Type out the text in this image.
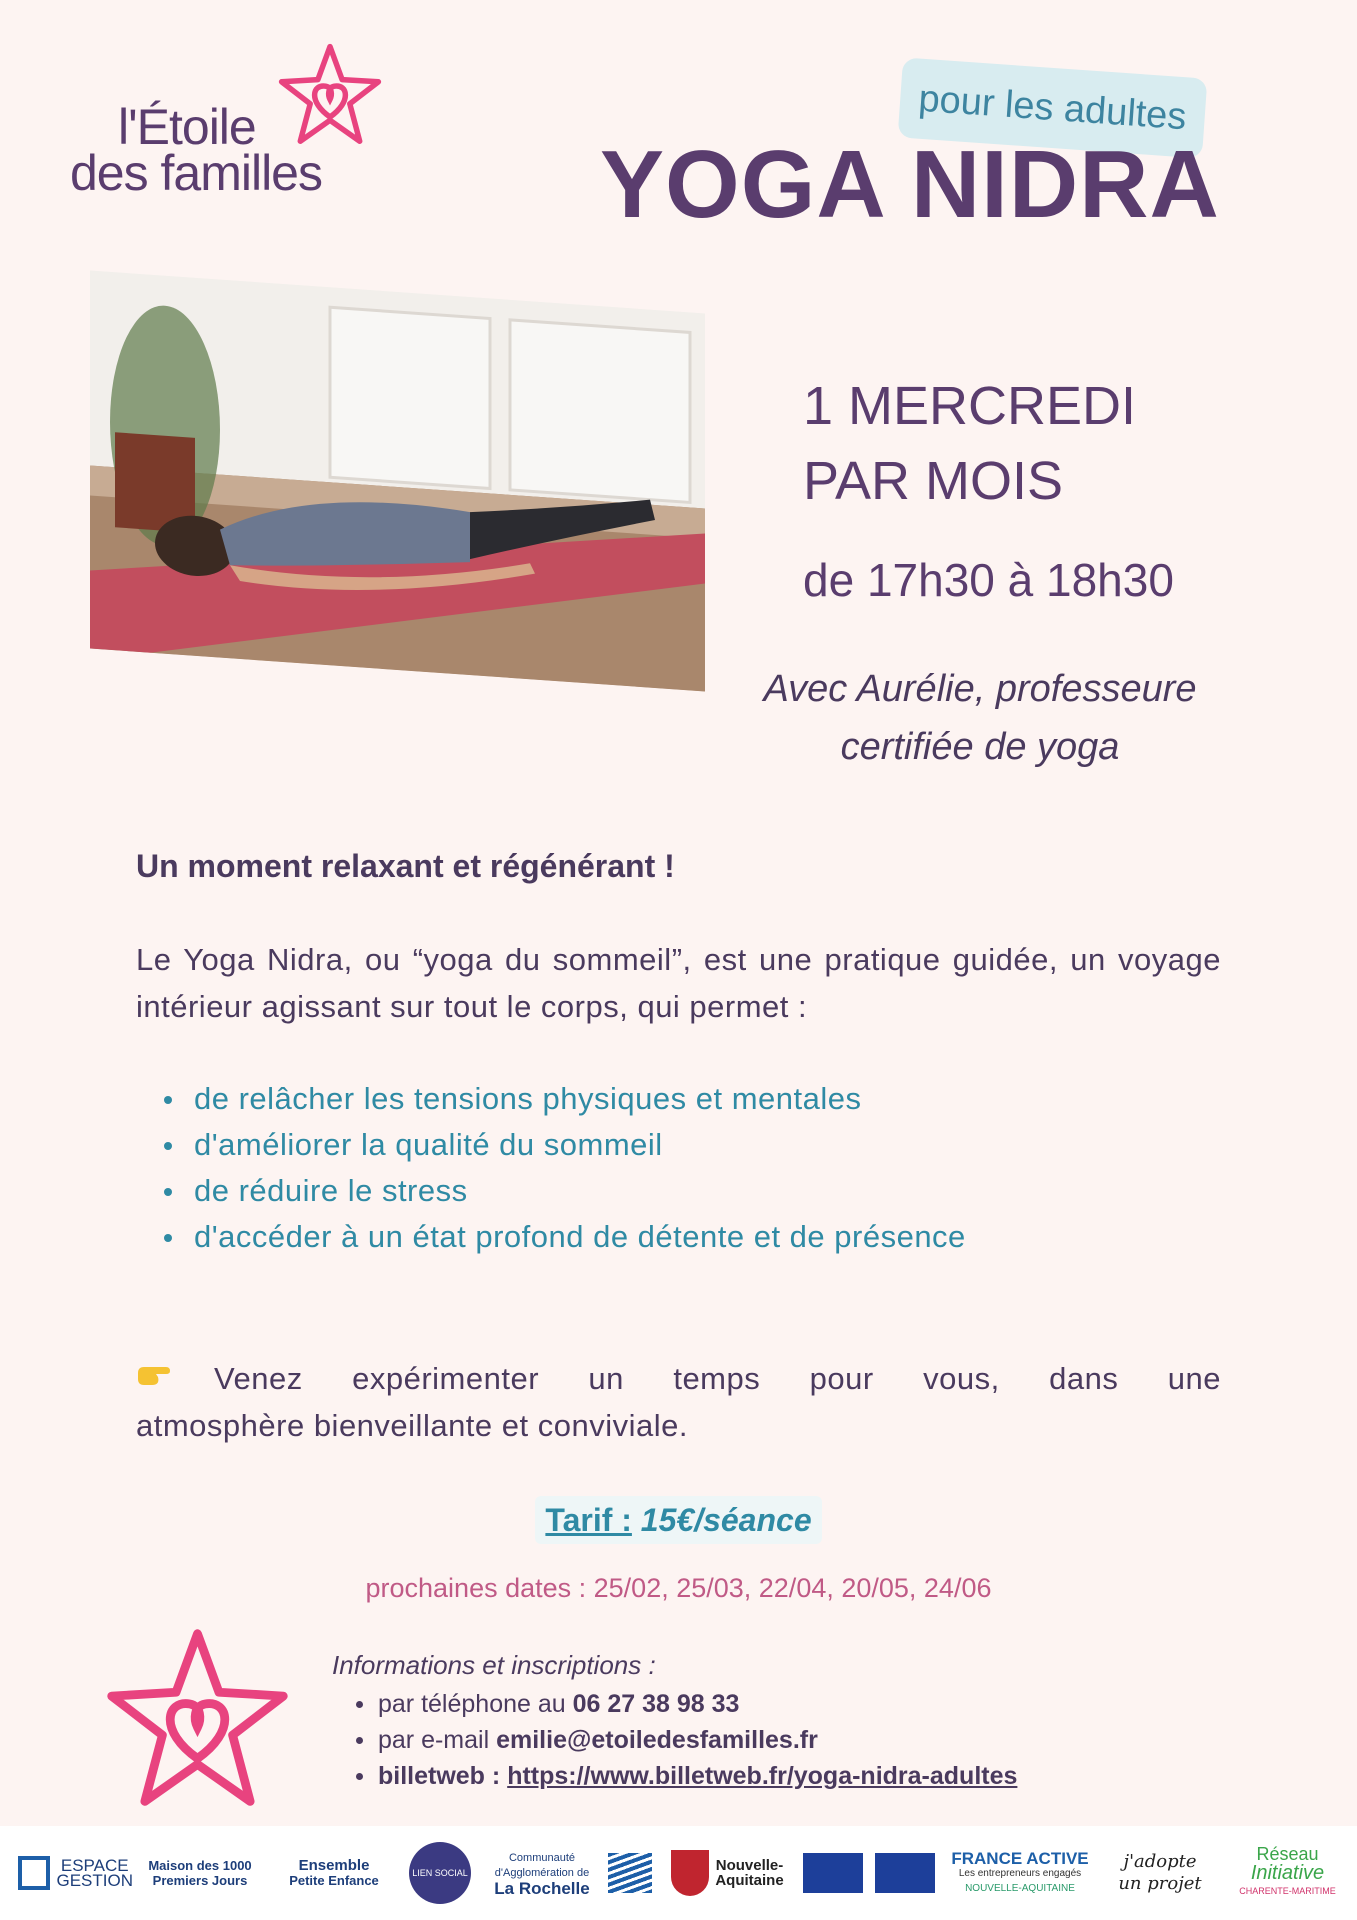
l'Étoile
des familles
pour les adultes
YOGA NIDRA
1 MERCREDI
PAR MOIS
de 17h30 à 18h30
Avec Aurélie, professeure
certifiée de yoga
Un moment relaxant et régénérant !
Le Yoga Nidra, ou “yoga du sommeil”, est une pratique guidée, un voyage intérieur agissant sur tout le corps, qui permet :
de relâcher les tensions physiques et mentales
d'améliorer la qualité du sommeil
de réduire le stress
d'accéder à un état profond de détente et de présence
Venez expérimenter un temps pour vous, dans une
atmosphère bienveillante et conviviale.
Tarif : 15€/séance
prochaines dates : 25/02, 25/03, 22/04, 20/05, 24/06
Informations et inscriptions :
par téléphone au 06 27 38 98 33
par e-mail emilie@etoiledesfamilles.fr
billetweb : https://www.billetweb.fr/yoga-nidra-adultes
ESPACE
GESTION
Maison des 1000
Premiers Jours
Ensemble
Petite Enfance
LIEN SOCIAL
Communauté
d'Agglomération de
La Rochelle
Nouvelle-
Aquitaine
FRANCE ACTIVE
Les entrepreneurs engagés
NOUVELLE-AQUITAINE
j'adopte
un projet
Réseau
Initiative
CHARENTE-MARITIME
